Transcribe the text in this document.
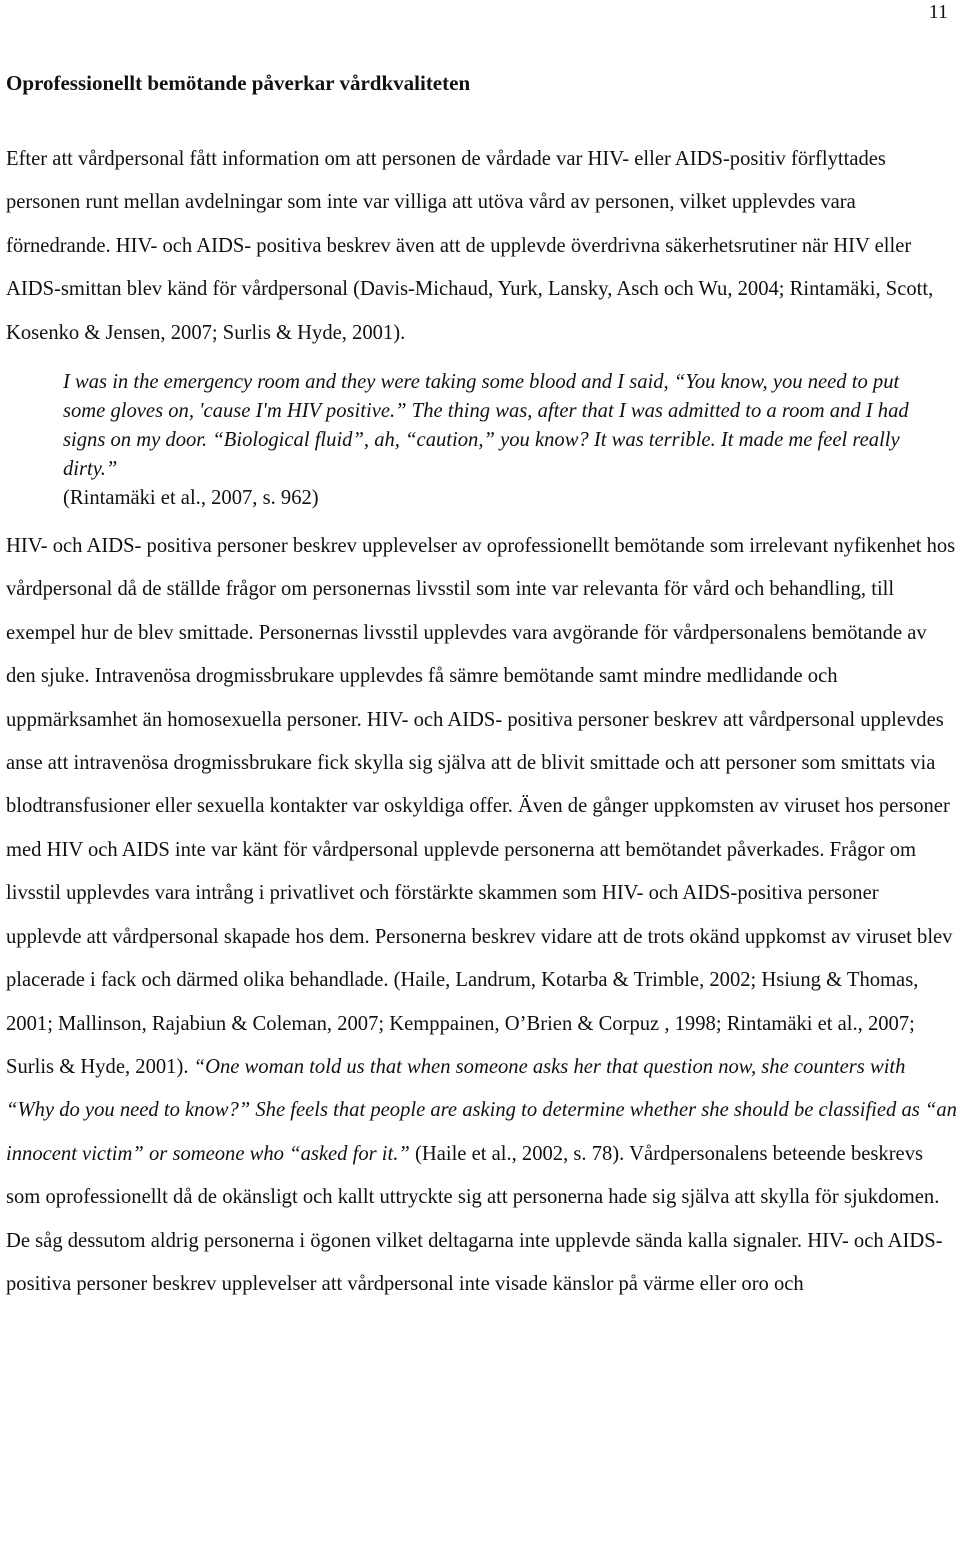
11
Oprofessionellt bemötande påverkar vårdkvaliteten

Efter att vårdpersonal fått information om att personen de vårdade var HIV- eller AIDS-positiv förflyttades personen runt mellan avdelningar som inte var villiga att utöva vård av personen, vilket upplevdes vara förnedrande. HIV- och AIDS- positiva beskrev även att de upplevde överdrivna säkerhetsrutiner när HIV eller AIDS-smittan blev känd för vårdpersonal (Davis-Michaud, Yurk, Lansky, Asch och Wu, 2004; Rintamäki, Scott, Kosenko & Jensen, 2007; Surlis & Hyde, 2001).

I was in the emergency room and they were taking some blood and I said, “You know, you need to put some gloves on, 'cause I'm HIV positive.” The thing was, after that I was admitted to a room and I had signs on my door. “Biological fluid”, ah, “caution,” you know? It was terrible. It made me feel really dirty.”
(Rintamäki et al., 2007, s. 962)

HIV- och AIDS- positiva personer beskrev upplevelser av oprofessionellt bemötande som irrelevant nyfikenhet hos vårdpersonal då de ställde frågor om personernas livsstil som inte var relevanta för vård och behandling, till exempel hur de blev smittade. Personernas livsstil upplevdes vara avgörande för vårdpersonalens bemötande av den sjuke. Intravenösa drogmissbrukare upplevdes få sämre bemötande samt mindre medlidande och uppmärksamhet än homosexuella personer. HIV- och AIDS- positiva personer beskrev att vårdpersonal upplevdes anse att intravenösa drogmissbrukare fick skylla sig själva att de blivit smittade och att personer som smittats via blodtransfusioner eller sexuella kontakter var oskyldiga offer. Även de gånger uppkomsten av viruset hos personer med HIV och AIDS inte var känt för vårdpersonal upplevde personerna att bemötandet påverkades. Frågor om livsstil upplevdes vara intrång i privatlivet och förstärkte skammen som HIV- och AIDS-positiva personer upplevde att vårdpersonal skapade hos dem. Personerna beskrev vidare att de trots okänd uppkomst av viruset blev placerade i fack och därmed olika behandlade. (Haile, Landrum, Kotarba & Trimble, 2002; Hsiung & Thomas, 2001; Mallinson, Rajabiun & Coleman, 2007; Kemppainen, O’Brien & Corpuz , 1998; Rintamäki et al., 2007; Surlis & Hyde, 2001). “One woman told us that when someone asks her that question now, she counters with “Why do you need to know?” She feels that people are asking to determine whether she should be classified as “an innocent victim” or someone who “asked for it.” (Haile et al., 2002, s. 78). Vårdpersonalens beteende beskrevs som oprofessionellt då de okänsligt och kallt uttryckte sig att personerna hade sig själva att skylla för sjukdomen. De såg dessutom aldrig personerna i ögonen vilket deltagarna inte upplevde sända kalla signaler. HIV- och AIDS- positiva personer beskrev upplevelser att vårdpersonal inte visade känslor på värme eller oro och
